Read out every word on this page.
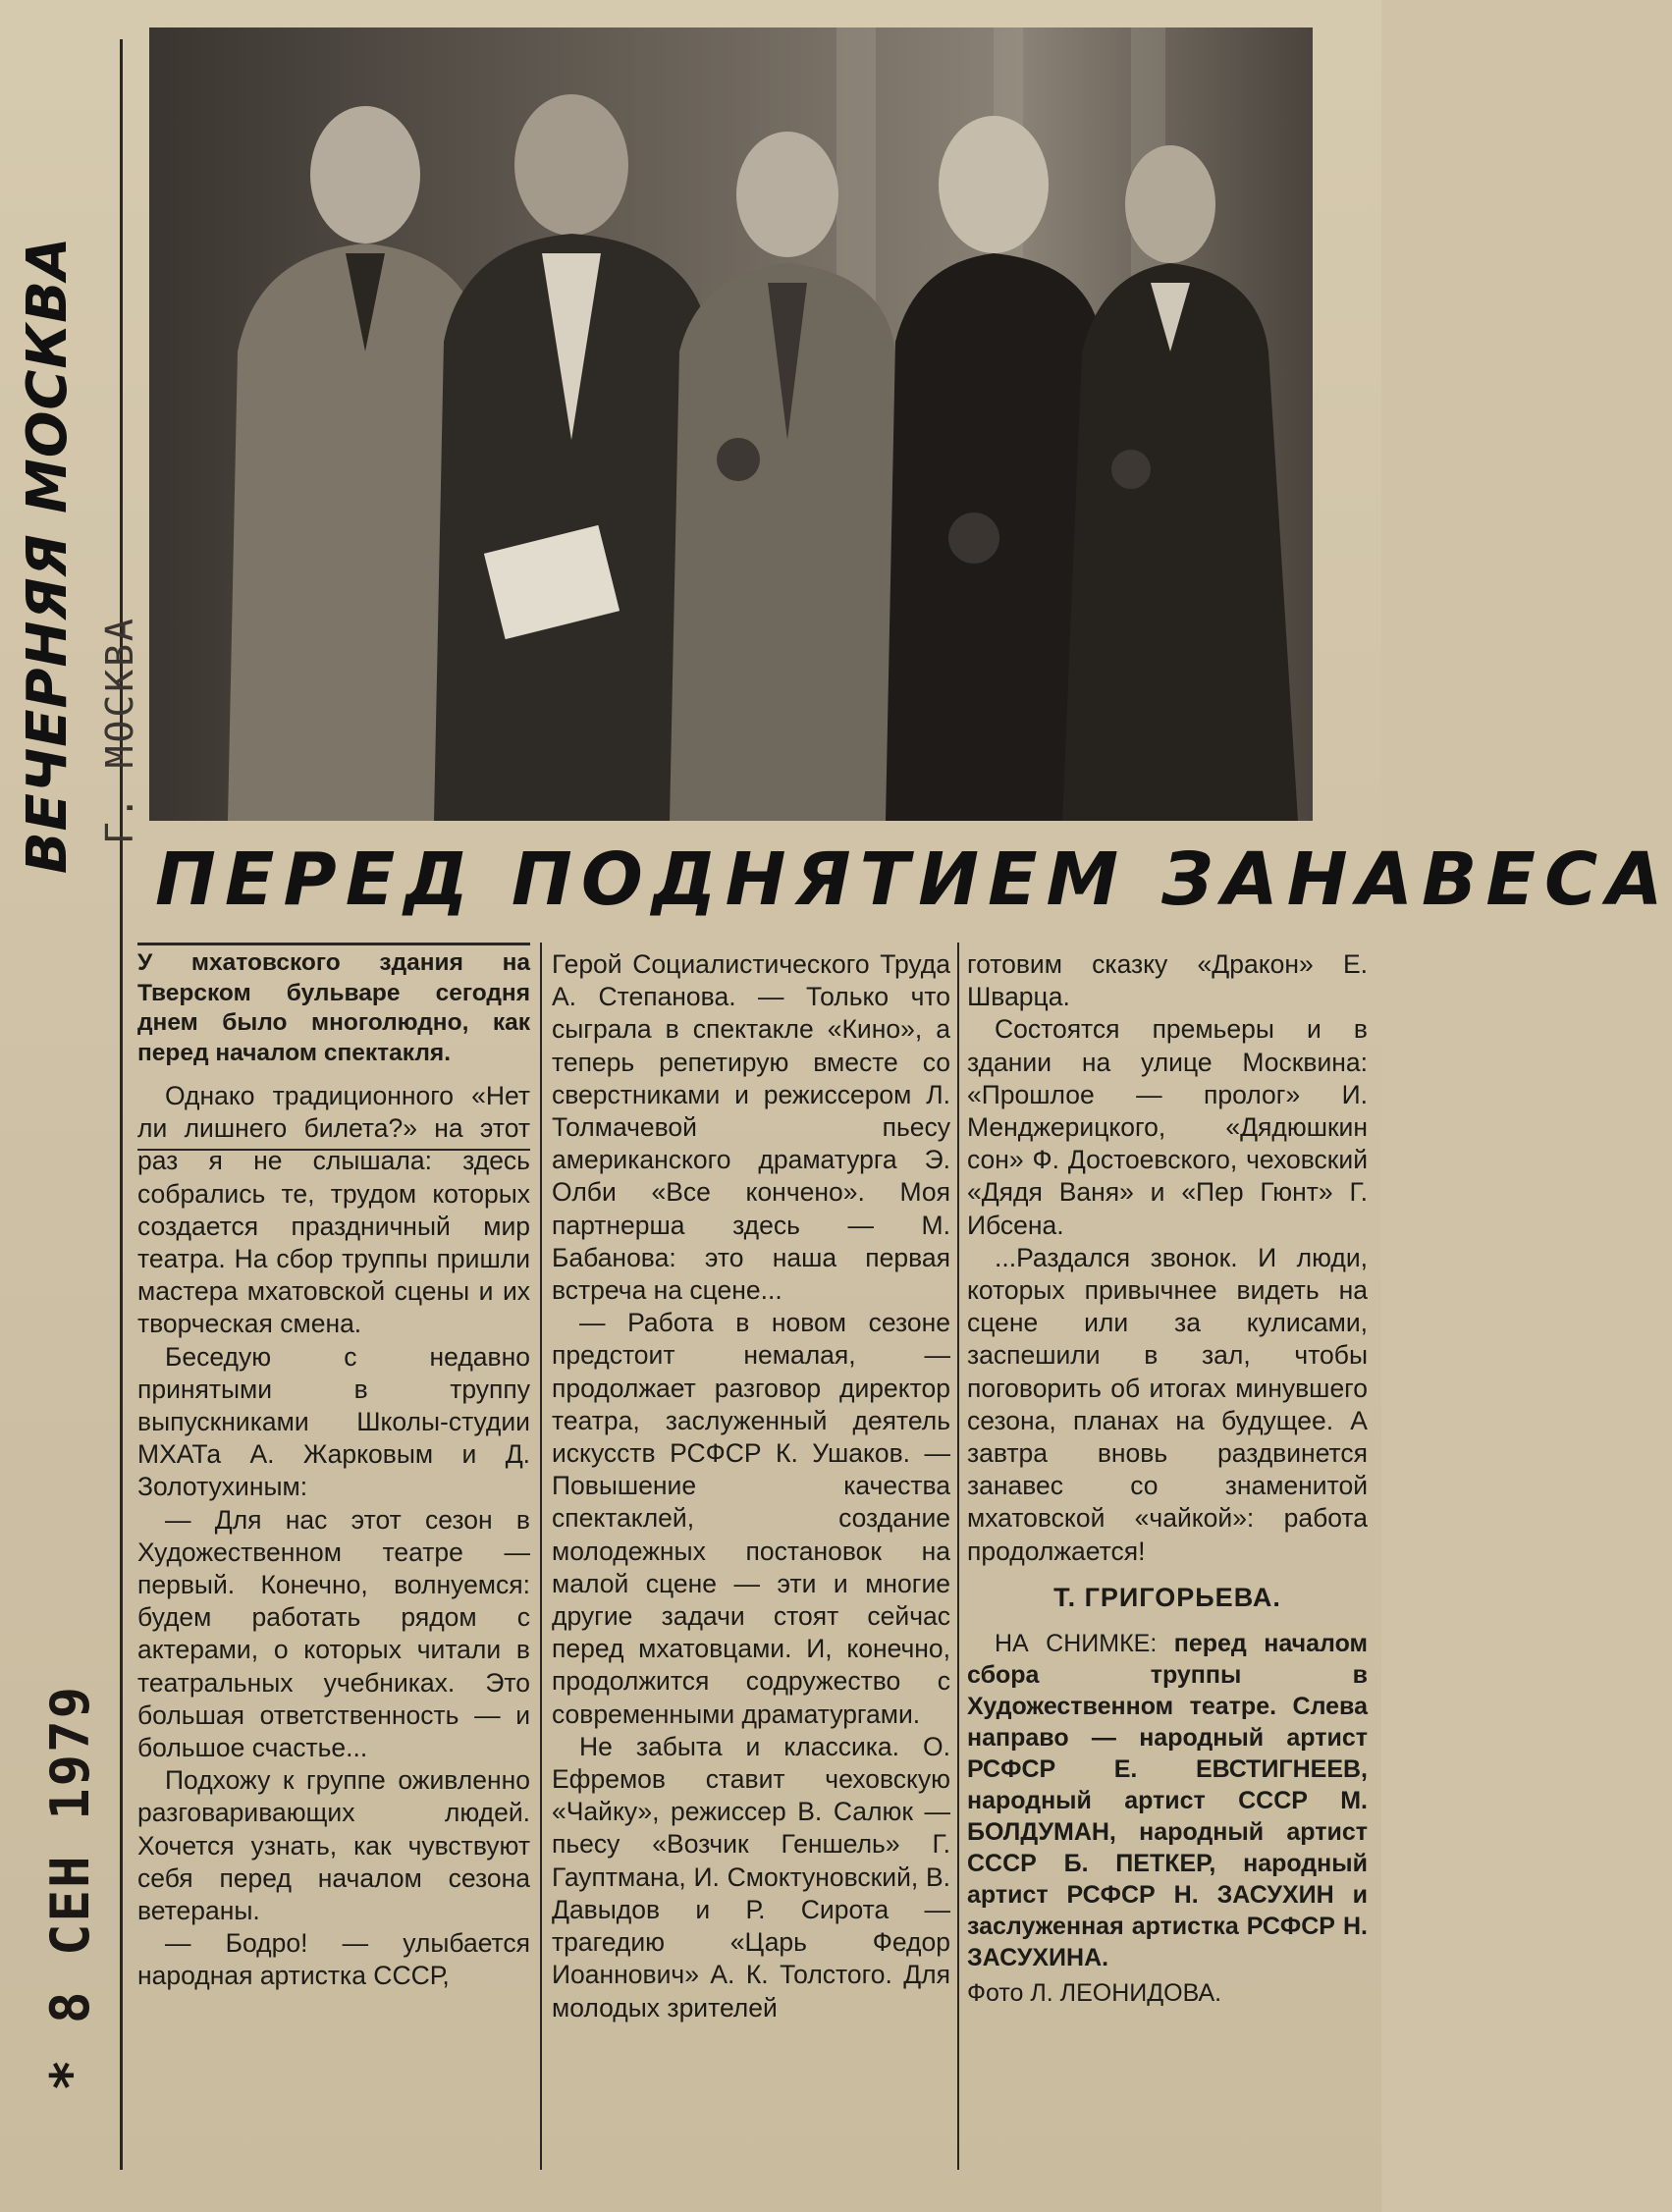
ВЕЧЕРНЯЯ МОСКВА Г. МОСКВА
* 8 СЕН 1979
ПЕРЕД ПОДНЯТИЕМ ЗАНАВЕСА

У мхатовского здания на Тверском бульваре сегодня днем было многолюдно, как перед началом спектакля.

Однако традиционного «Нет ли лишнего билета?» на этот раз я не слышала: здесь собрались те, трудом которых создается праздничный мир театра. На сбор труппы пришли мастера мхатовской сцены и их творческая смена.

Беседую с недавно принятыми в труппу выпускниками Школы-студии МХАТа А. Жарковым и Д. Золотухиным:

— Для нас этот сезон в Художественном театре — первый. Конечно, волнуемся: будем работать рядом с актерами, о которых читали в театральных учебниках. Это большая ответственность — и большое счастье...

Подхожу к группе оживленно разговаривающих людей. Хочется узнать, как чувствуют себя перед началом сезона ветераны.

— Бодро! — улыбается народная артистка СССР,

Герой Социалистического Труда А. Степанова. — Только что сыграла в спектакле «Кино», а теперь репетирую вместе со сверстниками и режиссером Л. Толмачевой пьесу американского драматурга Э. Олби «Все кончено». Моя партнерша здесь — М. Бабанова: это наша первая встреча на сцене...

— Работа в новом сезоне предстоит немалая, — продолжает разговор директор театра, заслуженный деятель искусств РСФСР К. Ушаков. — Повышение качества спектаклей, создание молодежных постановок на малой сцене — эти и многие другие задачи стоят сейчас перед мхатовцами. И, конечно, продолжится содружество с современными драматургами.

Не забыта и классика. О. Ефремов ставит чеховскую «Чайку», режиссер В. Салюк — пьесу «Возчик Геншель» Г. Гауптмана, И. Смоктуновский, В. Давыдов и Р. Сирота — трагедию «Царь Федор Иоаннович» А. К. Толстого. Для молодых зрителей

готовим сказку «Дракон» Е. Шварца.

Состоятся премьеры и в здании на улице Москвина: «Прошлое — пролог» И. Менджерицкого, «Дядюшкин сон» Ф. Достоевского, чеховский «Дядя Ваня» и «Пер Гюнт» Г. Ибсена.

...Раздался звонок. И люди, которых привычнее видеть на сцене или за кулисами, заспешили в зал, чтобы поговорить об итогах минувшего сезона, планах на будущее. А завтра вновь раздвинется занавес со знаменитой мхатовской «чайкой»: работа продолжается!

Т. ГРИГОРЬЕВА.

НА СНИМКЕ: перед началом сбора труппы в Художественном театре. Слева направо — народный артист РСФСР Е. ЕВСТИГНЕЕВ, народный артист СССР М. БОЛДУМАН, народный артист СССР Б. ПЕТКЕР, народный артист РСФСР Н. ЗАСУХИН и заслуженная артистка РСФСР Н. ЗАСУХИНА.

Фото Л. ЛЕОНИДОВА.
